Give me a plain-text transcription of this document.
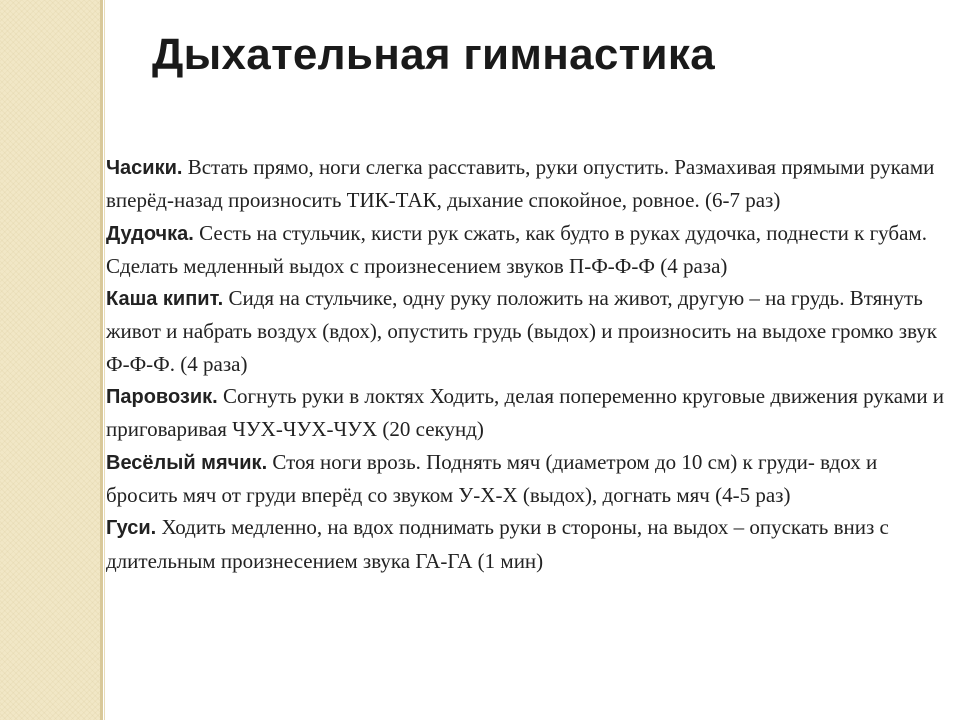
Дыхательная гимнастика

Часики. Встать прямо, ноги слегка расставить, руки опустить. Размахивая прямыми руками вперёд-назад произносить ТИК-ТАК, дыхание спокойное, ровное. (6-7 раз)

Дудочка. Сесть на стульчик, кисти рук сжать, как будто в руках дудочка, поднести к губам. Сделать медленный выдох с произнесением звуков П-Ф-Ф-Ф (4 раза)

Каша кипит. Сидя на стульчике, одну руку положить на живот, другую – на грудь. Втянуть живот и набрать воздух (вдох), опустить грудь (выдох) и произносить на выдохе громко звук Ф-Ф-Ф. (4 раза)

Паровозик. Согнуть руки в локтях Ходить, делая попеременно круговые движения руками и приговаривая ЧУХ-ЧУХ-ЧУХ (20 секунд)

Весёлый мячик. Стоя ноги врозь. Поднять мяч (диаметром до 10 см) к груди- вдох и бросить мяч от груди вперёд со звуком У-Х-Х (выдох), догнать мяч (4-5 раз)

Гуси. Ходить медленно, на вдох поднимать руки в стороны, на выдох – опускать вниз с длительным произнесением звука ГА-ГА (1 мин)
